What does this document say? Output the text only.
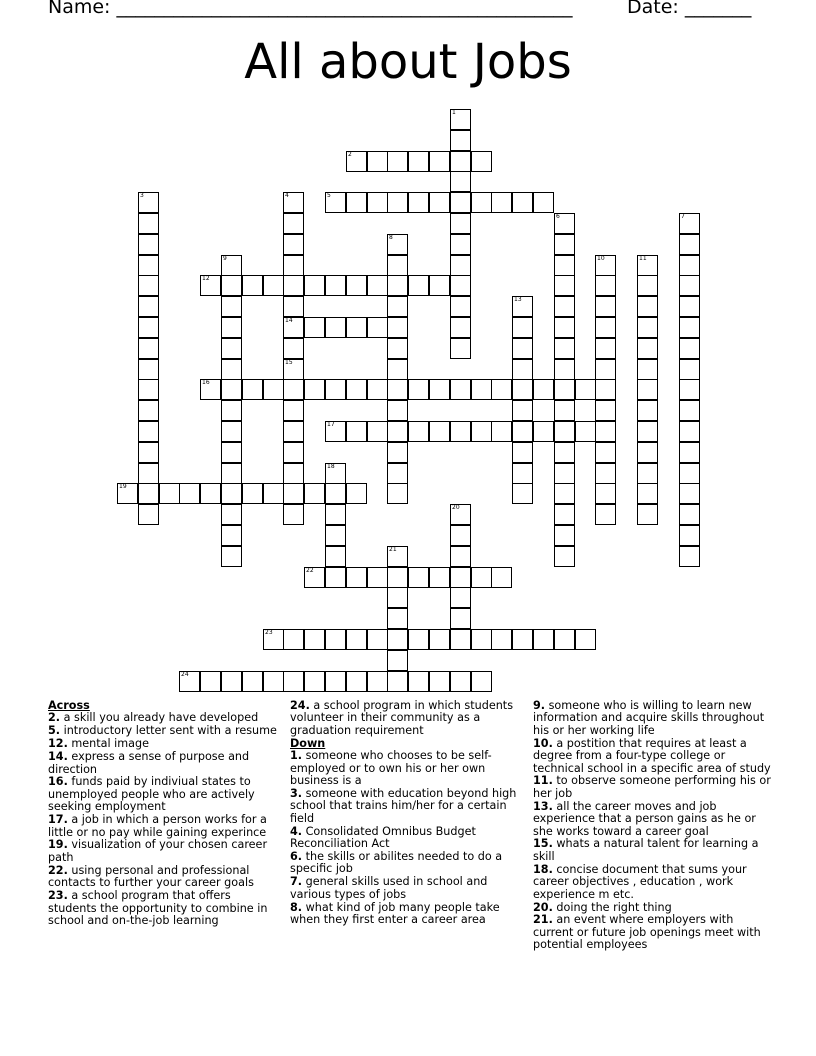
Name: ________________________________________________	Date: _______
All about Jobs
1
2
3	4
14
15
5
6	7
8
9	10	11
12
13
16
17
18
19
20
21
22
23
24
Across
2. a skill you already have developed
5. introductory letter sent with a resume
12. mental image
14. express a sense of purpose and direction
16. funds paid by indiviual states to unemployed people who are actively seeking employment
17. a job in which a person works for a little or no pay while gaining experince
19. visualization of your chosen career path
22. using personal and professional contacts to further your career goals
23. a school program that offers students the opportunity to combine in school and on-the-job learning
24. a school program in which students volunteer in their community as a graduation requirement
Down
1. someone who chooses to be self-employed or to own his or her own business is a
3. someone with education beyond high school that trains him/her for a certain field
4. Consolidated Omnibus Budget Reconciliation Act
6. the skills or abilites needed to do a specific job
7. general skills used in school and various types of jobs
8. what kind of job many people take when they first enter a career area
9. someone who is willing to learn new information and acquire skills throughout his or her working life
10. a postition that requires at least a degree from a four-type college or technical school in a specific area of study
11. to observe someone performing his or her job
13. all the career moves and job experience that a person gains as he or she works toward a career goal
15. whats a natural talent for learning a skill
18. concise document that sums your career objectives , education , work experience m etc.
20. doing the right thing
21. an event where employers with current or future job openings meet with potential employees
